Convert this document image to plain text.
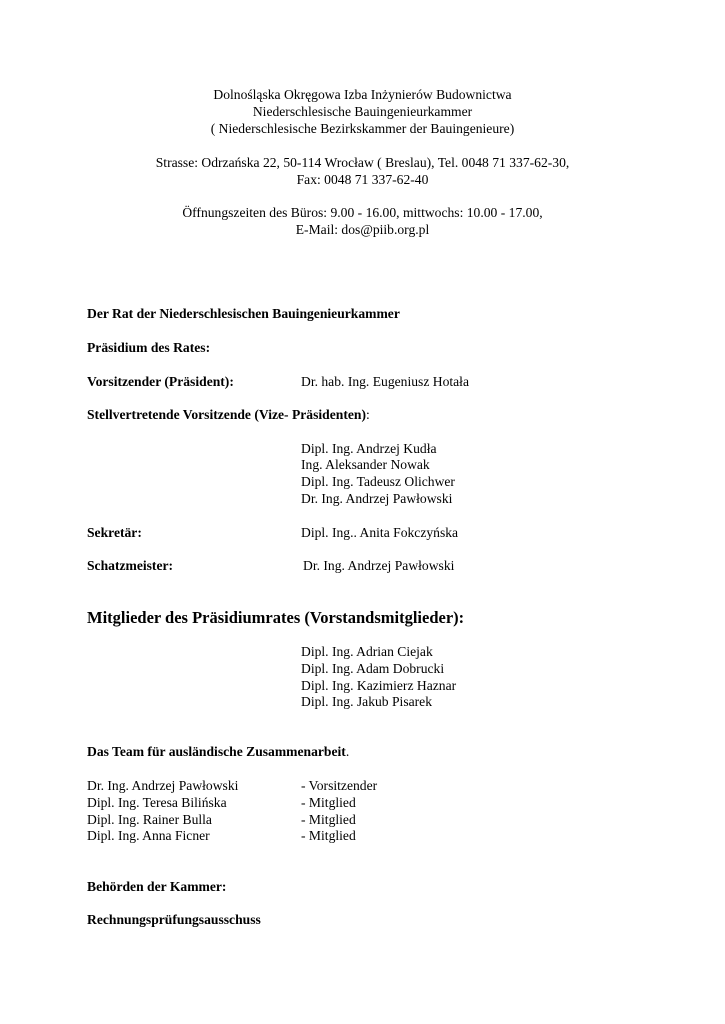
Dolnośląska Okręgowa Izba Inżynierów Budownictwa
Niederschlesische Bauingenieurkammer
( Niederschlesische Bezirkskammer der Bauingenieure)
Strasse: Odrzańska 22, 50-114 Wrocław ( Breslau), Tel. 0048 71 337-62-30,
Fax: 0048 71 337-62-40
Öffnungszeiten des Büros: 9.00 - 16.00, mittwochs: 10.00 - 17.00,
E-Mail: dos@piib.org.pl
Der Rat der Niederschlesischen Bauingenieurkammer
Präsidium des Rates:
Vorsitzender (Präsident):	Dr. hab. Ing. Eugeniusz Hotała
Stellvertretende Vorsitzende (Vize- Präsidenten):
Dipl. Ing. Andrzej Kudła
Ing. Aleksander Nowak
Dipl. Ing. Tadeusz Olichwer
Dr. Ing. Andrzej Pawłowski
Sekretär:	Dipl. Ing.. Anita Fokczyńska
Schatzmeister:	Dr. Ing. Andrzej Pawłowski
Mitglieder des Präsidiumrates (Vorstandsmitglieder):
Dipl. Ing. Adrian Ciejak
Dipl. Ing. Adam Dobrucki
Dipl. Ing. Kazimierz Haznar
Dipl. Ing. Jakub Pisarek
Das Team für ausländische Zusammenarbeit.
Dr. Ing. Andrzej Pawłowski	- Vorsitzender
Dipl. Ing. Teresa Bilińska	- Mitglied
Dipl. Ing. Rainer Bulla	- Mitglied
Dipl. Ing. Anna Ficner	- Mitglied
Behörden der Kammer:
Rechnungsprüfungsausschuss
